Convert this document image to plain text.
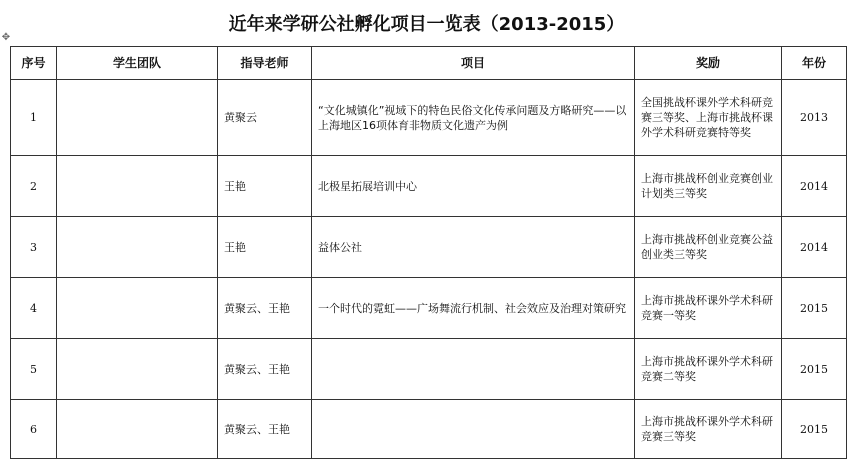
近年来学研公社孵化项目一览表（2013-2015）
✥
序号	学生团队	指导老师	项目	奖励	年份
1		黄聚云	“文化城镇化”视域下的特色民俗文化传承问题及方略研究——以上海地区16项体育非物质文化遗产为例	全国挑战杯课外学术科研竞赛三等奖、上海市挑战杯课外学术科研竞赛特等奖	2013
2		王艳	北极星拓展培训中心	上海市挑战杯创业竞赛创业计划类三等奖	2014
3		王艳	益体公社	上海市挑战杯创业竞赛公益创业类三等奖	2014
4		黄聚云、王艳	一个时代的霓虹——广场舞流行机制、社会效应及治理对策研究	上海市挑战杯课外学术科研竞赛一等奖	2015
5		黄聚云、王艳		上海市挑战杯课外学术科研竞赛二等奖	2015
6		黄聚云、王艳		上海市挑战杯课外学术科研竞赛三等奖	2015
